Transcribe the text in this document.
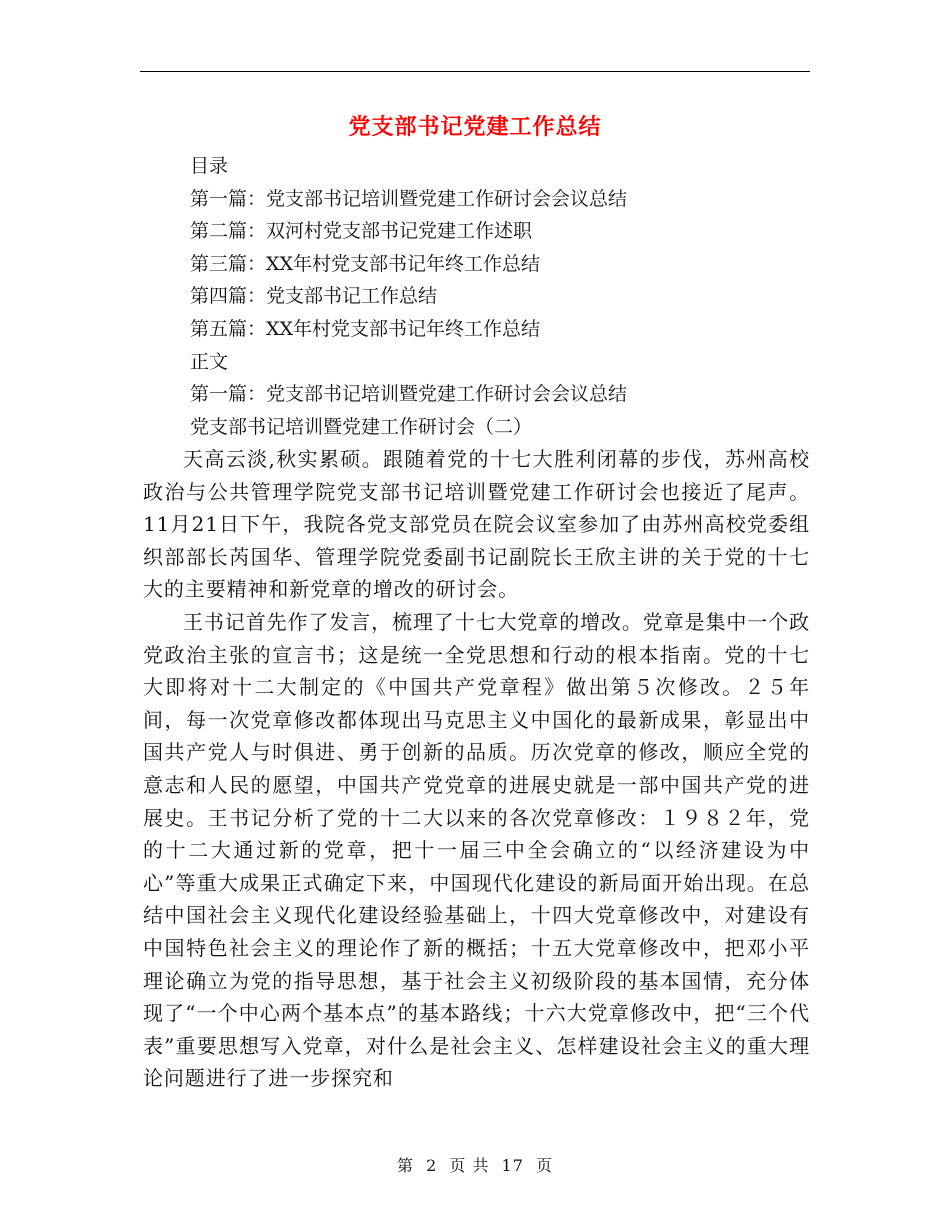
党支部书记党建工作总结
目录
第一篇：党支部书记培训暨党建工作研讨会会议总结
第二篇：双河村党支部书记党建工作述职
第三篇：XX年村党支部书记年终工作总结
第四篇：党支部书记工作总结
第五篇：XX年村党支部书记年终工作总结
正文
第一篇：党支部书记培训暨党建工作研讨会会议总结
党支部书记培训暨党建工作研讨会（二）

天高云淡,秋实累硕。跟随着党的十七大胜利闭幕的步伐，苏州高校政治与公共管理学院党支部书记培训暨党建工作研讨会也接近了尾声。11月21日下午，我院各党支部党员在院会议室参加了由苏州高校党委组织部部长芮国华、管理学院党委副书记副院长王欣主讲的关于党的十七大的主要精神和新党章的增改的研讨会。

王书记首先作了发言，梳理了十七大党章的增改。党章是集中一个政党政治主张的宣言书；这是统一全党思想和行动的根本指南。党的十七大即将对十二大制定的《中国共产党章程》做出第５次修改。２５年间，每一次党章修改都体现出马克思主义中国化的最新成果，彰显出中国共产党人与时俱进、勇于创新的品质。历次党章的修改，顺应全党的意志和人民的愿望，中国共产党党章的进展史就是一部中国共产党的进展史。王书记分析了党的十二大以来的各次党章修改：１９８２年，党的十二大通过新的党章，把十一届三中全会确立的“以经济建设为中心”等重大成果正式确定下来，中国现代化建设的新局面开始出现。在总结中国社会主义现代化建设经验基础上，十四大党章修改中，对建设有中国特色社会主义的理论作了新的概括；十五大党章修改中，把邓小平理论确立为党的指导思想，基于社会主义初级阶段的基本国情，充分体现了“一个中心两个基本点”的基本路线；十六大党章修改中，把“三个代表”重要思想写入党章，对什么是社会主义、怎样建设社会主义的重大理论问题进行了进一步探究和

第 2 页 共 17 页
